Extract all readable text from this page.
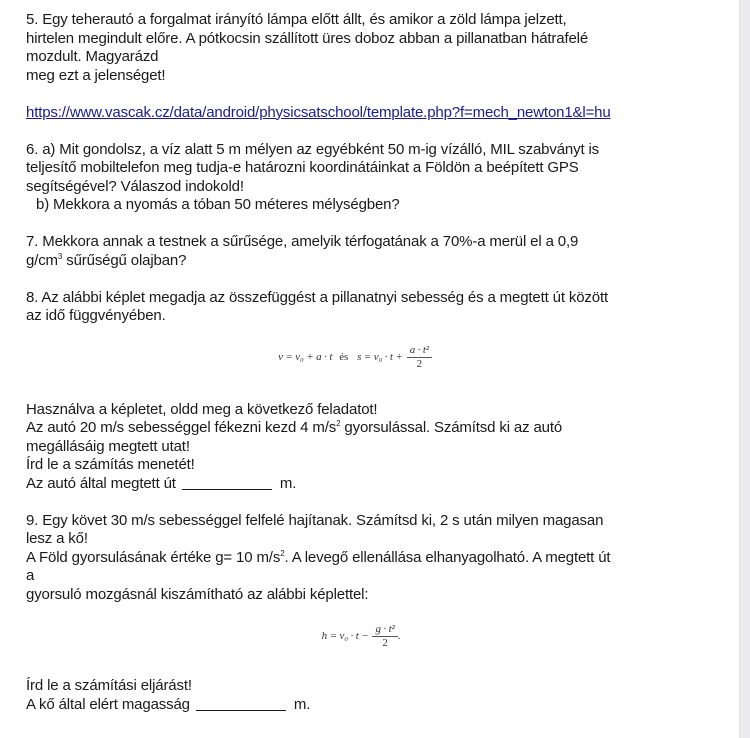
5. Egy teherautó a forgalmat irányító lámpa előtt állt, és amikor a zöld lámpa jelzett,

hirtelen megindult előre. A pótkocsin szállított üres doboz abban a pillanatban hátrafelé

mozdult. Magyarázd

meg ezt a jelenséget!

https://www.vascak.cz/data/android/physicsatschool/template.php?f=mech_newton1&l=hu

6. a) Mit gondolsz, a víz alatt 5 m mélyen az egyébként 50 m-ig vízálló, MIL szabványt is

teljesítő mobiltelefon meg tudja-e határozni koordinátáinkat a Földön a beépített GPS

segítségével? Válaszod indokold!

b) Mekkora a nyomás a tóban 50 méteres mélységben?

7. Mekkora annak a testnek a sűrűsége, amelyik térfogatának a 70%-a merül el a 0,9

$g/cm^3$ sűrűségű olajban?

8. Az alábbi képlet megadja az összefüggést a pillanatnyi sebesség és a megtett út között

az idő függvényében.

v = v₀ + a · t és $s = v_0 \cdot t + \frac{\text{a · t²}}{2}$

Használva a képletet, oldd meg a következő feladatot!

Az autó 20 m/s sebességgel fékezni kezd 4 $m/s^2$ gyorsulással. Számítsd ki az autó

megállásáig megtett utat!

Írd le a számítás menetét!

Az autó által megtett út	m.

9. Egy követ 30 m/s sebességgel felfelé hajítanak. Számítsd ki, 2 s után milyen magasan

lesz a kő!

A Föld gyorsulásának értéke g= 10 $m/s^2$. A levegő ellenállása elhanyagolható. A megtett út

a

gyorsuló mozgásnál kiszámítható az alábbi képlettel:

$h = v_0 \cdot t - \frac{\text{g · t²}}{2}$ .

Írd le a számítási eljárást!

A kő által elért magasság	m.
